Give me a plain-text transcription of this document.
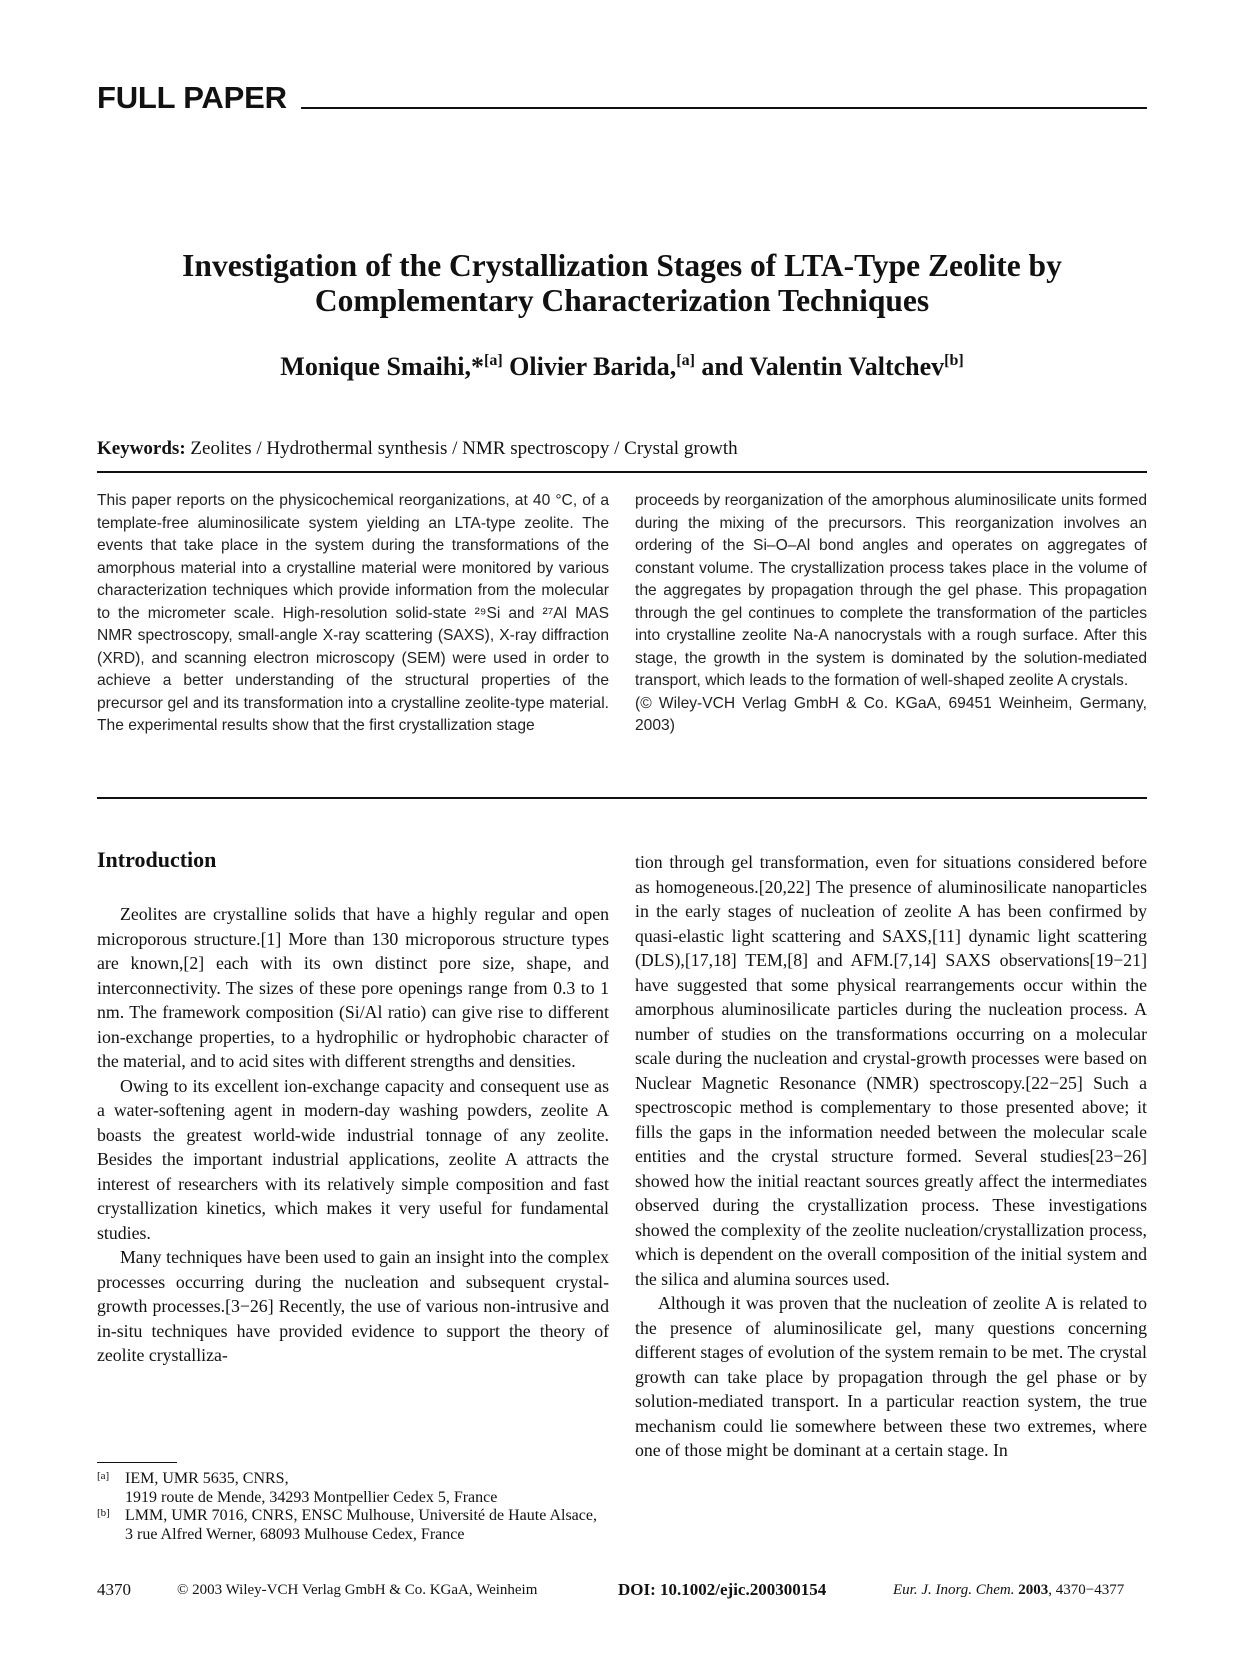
FULL PAPER
Investigation of the Crystallization Stages of LTA-Type Zeolite by Complementary Characterization Techniques
Monique Smaihi,*[a] Olivier Barida,[a] and Valentin Valtchev[b]
Keywords: Zeolites / Hydrothermal synthesis / NMR spectroscopy / Crystal growth

This paper reports on the physicochemical reorganizations, at 40 °C, of a template-free aluminosilicate system yielding an LTA-type zeolite. The events that take place in the system during the transformations of the amorphous material into a crystalline material were monitored by various characterization techniques which provide information from the molecular to the micrometer scale. High-resolution solid-state ²⁹Si and ²⁷Al MAS NMR spectroscopy, small-angle X-ray scattering (SAXS), X-ray diffraction (XRD), and scanning electron microscopy (SEM) were used in order to achieve a better understanding of the structural properties of the precursor gel and its transformation into a crystalline zeolite-type material. The experimental results show that the first crystallization stage

proceeds by reorganization of the amorphous aluminosilicate units formed during the mixing of the precursors. This reorganization involves an ordering of the Si–O–Al bond angles and operates on aggregates of constant volume. The crystallization process takes place in the volume of the aggregates by propagation through the gel phase. This propagation through the gel continues to complete the transformation of the particles into crystalline zeolite Na-A nanocrystals with a rough surface. After this stage, the growth in the system is dominated by the solution-mediated transport, which leads to the formation of well-shaped zeolite A crystals.

(© Wiley-VCH Verlag GmbH & Co. KGaA, 69451 Weinheim, Germany, 2003)

Introduction

Zeolites are crystalline solids that have a highly regular and open microporous structure.[1] More than 130 microporous structure types are known,[2] each with its own distinct pore size, shape, and interconnectivity. The sizes of these pore openings range from 0.3 to 1 nm. The framework composition (Si/Al ratio) can give rise to different ion-exchange properties, to a hydrophilic or hydrophobic character of the material, and to acid sites with different strengths and densities.

Owing to its excellent ion-exchange capacity and consequent use as a water-softening agent in modern-day washing powders, zeolite A boasts the greatest world-wide industrial tonnage of any zeolite. Besides the important industrial applications, zeolite A attracts the interest of researchers with its relatively simple composition and fast crystallization kinetics, which makes it very useful for fundamental studies.

Many techniques have been used to gain an insight into the complex processes occurring during the nucleation and subsequent crystal-growth processes.[3−26] Recently, the use of various non-intrusive and in-situ techniques have provided evidence to support the theory of zeolite crystalliza-

tion through gel transformation, even for situations considered before as homogeneous.[20,22] The presence of aluminosilicate nanoparticles in the early stages of nucleation of zeolite A has been confirmed by quasi-elastic light scattering and SAXS,[11] dynamic light scattering (DLS),[17,18] TEM,[8] and AFM.[7,14] SAXS observations[19−21] have suggested that some physical rearrangements occur within the amorphous aluminosilicate particles during the nucleation process. A number of studies on the transformations occurring on a molecular scale during the nucleation and crystal-growth processes were based on Nuclear Magnetic Resonance (NMR) spectroscopy.[22−25] Such a spectroscopic method is complementary to those presented above; it fills the gaps in the information needed between the molecular scale entities and the crystal structure formed. Several studies[23−26] showed how the initial reactant sources greatly affect the intermediates observed during the crystallization process. These investigations showed the complexity of the zeolite nucleation/crystallization process, which is dependent on the overall composition of the initial system and the silica and alumina sources used.

Although it was proven that the nucleation of zeolite A is related to the presence of aluminosilicate gel, many questions concerning different stages of evolution of the system remain to be met. The crystal growth can take place by propagation through the gel phase or by solution-mediated transport. In a particular reaction system, the true mechanism could lie somewhere between these two extremes, where one of those might be dominant at a certain stage. In

[a] IEM, UMR 5635, CNRS,
1919 route de Mende, 34293 Montpellier Cedex 5, France
[b] LMM, UMR 7016, CNRS, ENSC Mulhouse, Université de Haute Alsace,
3 rue Alfred Werner, 68093 Mulhouse Cedex, France
4370	© 2003 Wiley-VCH Verlag GmbH & Co. KGaA, Weinheim	DOI: 10.1002/ejic.200300154	Eur. J. Inorg. Chem. 2003, 4370−4377
